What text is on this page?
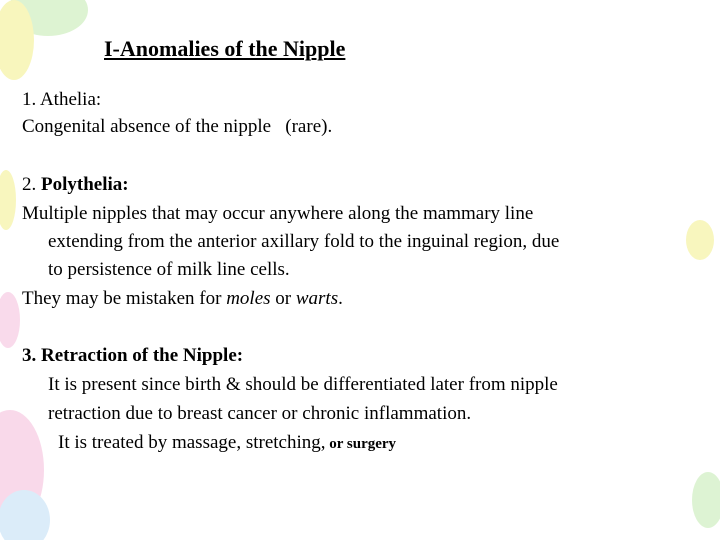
I-Anomalies of the Nipple
1. Athelia:
Congenital absence of the nipple   (rare).
2. Polythelia:
Multiple nipples that may occur anywhere along the mammary line
extending from the anterior axillary fold to the inguinal region, due
to persistence of milk line cells.
They may be mistaken for moles or warts.
3. Retraction of the Nipple:
It is present since birth & should be differentiated later from nipple
retraction due to breast cancer or chronic inflammation.
It is treated by massage, stretching, or surgery
